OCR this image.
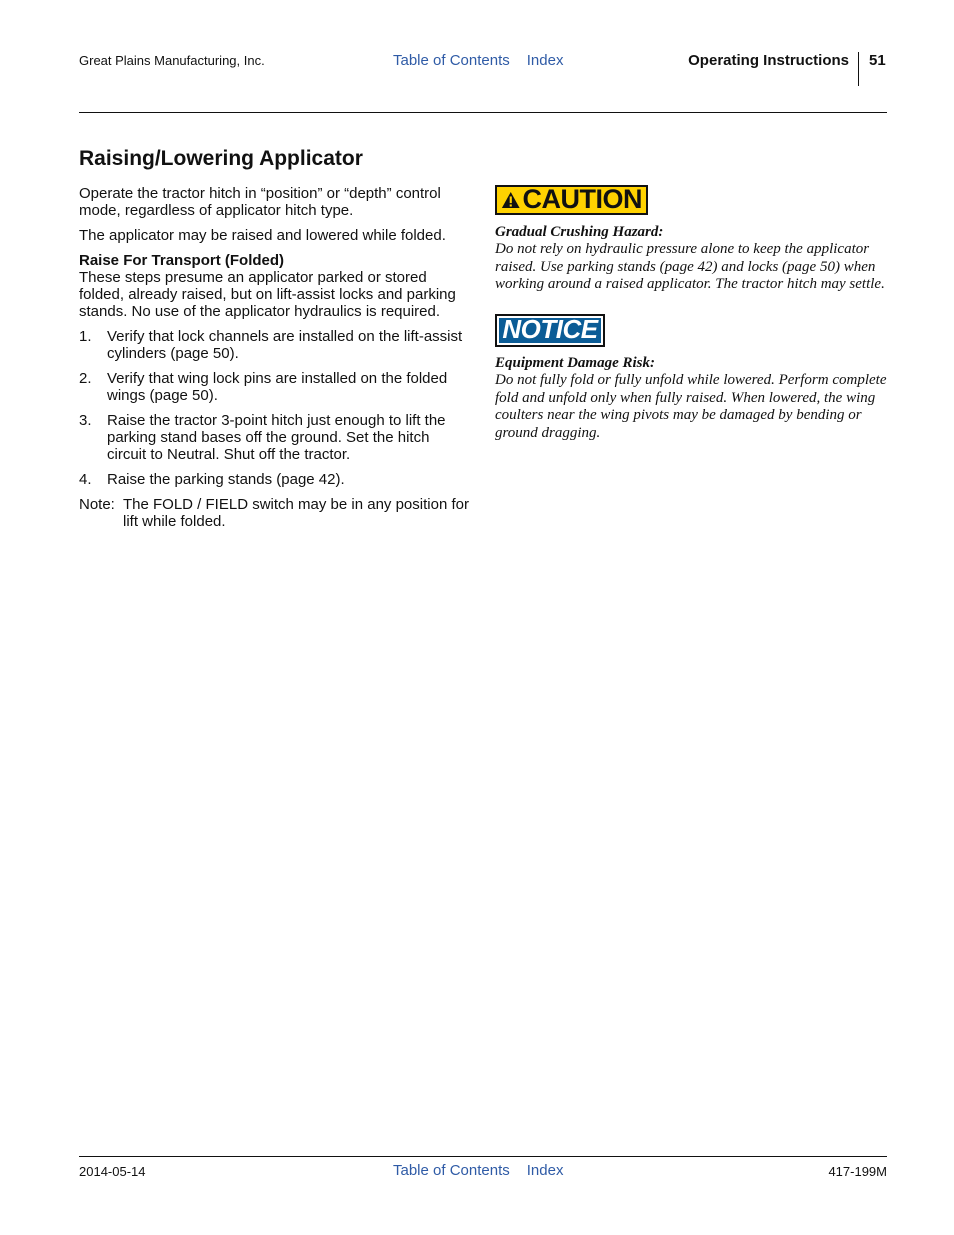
Great Plains Manufacturing, Inc.	Table of Contents Index	Operating Instructions 51
Raising/Lowering Applicator

Operate the tractor hitch in “position” or “depth” control mode, regardless of applicator hitch type.

The applicator may be raised and lowered while folded.

Raise For Transport (Folded)

These steps presume an applicator parked or stored folded, already raised, but on lift-assist locks and parking stands. No use of the applicator hydraulics is required.

1.	Verify that lock channels are installed on the lift-assist cylinders (page 50).
2.	Verify that wing lock pins are installed on the folded wings (page 50).
3.	Raise the tractor 3-point hitch just enough to lift the parking stand bases off the ground. Set the hitch circuit to Neutral. Shut off the tractor.
4.	Raise the parking stands (page 42).
Note: The FOLD / FIELD switch may be in any position for lift while folded.
CAUTION
Gradual Crushing Hazard:

Do not rely on hydraulic pressure alone to keep the applicator raised. Use parking stands (page 42) and locks (page 50) when working around a raised applicator. The tractor hitch may settle.

NOTICE
Equipment Damage Risk:

Do not fully fold or fully unfold while lowered. Perform complete fold and unfold only when fully raised. When lowered, the wing coulters near the wing pivots may be damaged by bending or ground dragging.

2014-05-14	Table of Contents Index	417-199M
